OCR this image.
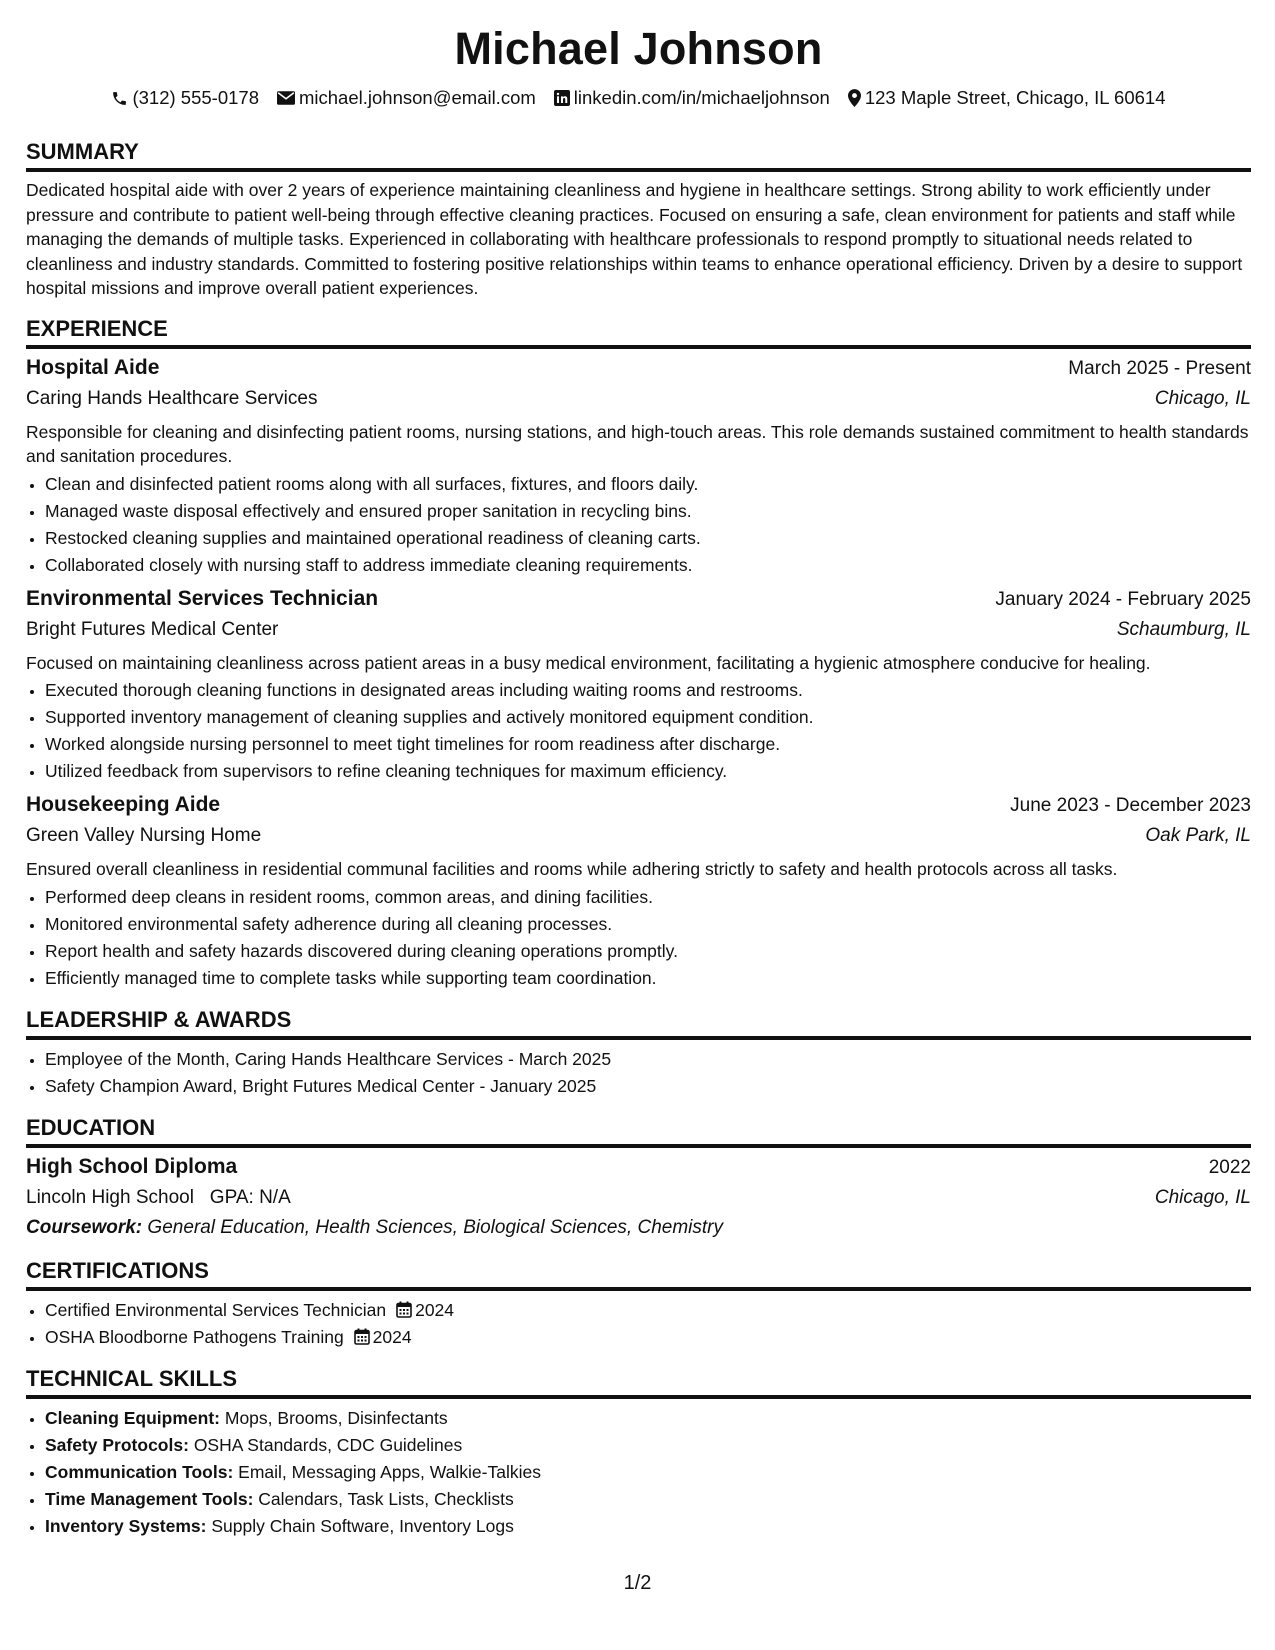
Michael Johnson
(312) 555-0178 michael.johnson@email.com linkedin.com/in/michaeljohnson 123 Maple Street, Chicago, IL 60614
SUMMARY

Dedicated hospital aide with over 2 years of experience maintaining cleanliness and hygiene in healthcare settings. Strong ability to work efficiently under pressure and contribute to patient well-being through effective cleaning practices. Focused on ensuring a safe, clean environment for patients and staff while managing the demands of multiple tasks. Experienced in collaborating with healthcare professionals to respond promptly to situational needs related to cleanliness and industry standards. Committed to fostering positive relationships within teams to enhance operational efficiency. Driven by a desire to support hospital missions and improve overall patient experiences.

EXPERIENCE
Hospital Aide	March 2025 - Present
Caring Hands Healthcare Services	Chicago, IL

Responsible for cleaning and disinfecting patient rooms, nursing stations, and high-touch areas. This role demands sustained commitment to health standards and sanitation procedures.

• Clean and disinfected patient rooms along with all surfaces, fixtures, and floors daily.
• Managed waste disposal effectively and ensured proper sanitation in recycling bins.
• Restocked cleaning supplies and maintained operational readiness of cleaning carts.
• Collaborated closely with nursing staff to address immediate cleaning requirements.
Environmental Services Technician	January 2024 - February 2025
Bright Futures Medical Center	Schaumburg, IL

Focused on maintaining cleanliness across patient areas in a busy medical environment, facilitating a hygienic atmosphere conducive for healing.

• Executed thorough cleaning functions in designated areas including waiting rooms and restrooms.
• Supported inventory management of cleaning supplies and actively monitored equipment condition.
• Worked alongside nursing personnel to meet tight timelines for room readiness after discharge.
• Utilized feedback from supervisors to refine cleaning techniques for maximum efficiency.
Housekeeping Aide	June 2023 - December 2023
Green Valley Nursing Home	Oak Park, IL

Ensured overall cleanliness in residential communal facilities and rooms while adhering strictly to safety and health protocols across all tasks.

• Performed deep cleans in resident rooms, common areas, and dining facilities.
• Monitored environmental safety adherence during all cleaning processes.
• Report health and safety hazards discovered during cleaning operations promptly.
• Efficiently managed time to complete tasks while supporting team coordination.
LEADERSHIP & AWARDS
• Employee of the Month, Caring Hands Healthcare Services - March 2025
• Safety Champion Award, Bright Futures Medical Center - January 2025
EDUCATION
High School Diploma	2022
Lincoln High School GPA: N/A	Chicago, IL
Coursework: General Education, Health Sciences, Biological Sciences, Chemistry
CERTIFICATIONS
• Certified Environmental Services Technician 2024
• OSHA Bloodborne Pathogens Training 2024
TECHNICAL SKILLS
• Cleaning Equipment: Mops, Brooms, Disinfectants
• Safety Protocols: OSHA Standards, CDC Guidelines
• Communication Tools: Email, Messaging Apps, Walkie-Talkies
• Time Management Tools: Calendars, Task Lists, Checklists
• Inventory Systems: Supply Chain Software, Inventory Logs
1/2
